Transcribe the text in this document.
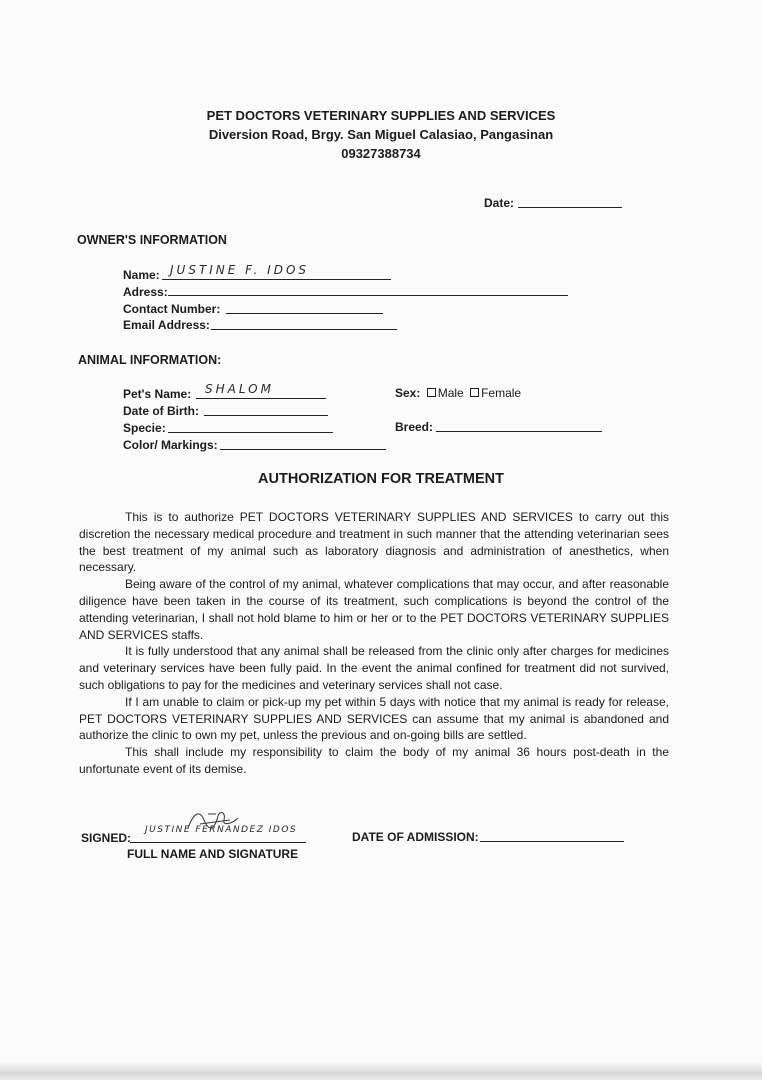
PET DOCTORS VETERINARY SUPPLIES AND SERVICES
Diversion Road, Brgy. San Miguel Calasiao, Pangasinan
09327388734
Date:
OWNER'S INFORMATION
Name: JUSTINE F. IDOS
Adress:
Contact Number:
Email Address:
ANIMAL INFORMATION:
Pet's Name: SHALOM	Sex: Male Female
Date of Birth:
Specie:	Breed:
Color/ Markings:
AUTHORIZATION FOR TREATMENT

This is to authorize PET DOCTORS VETERINARY SUPPLIES AND SERVICES to carry out this discretion the necessary medical procedure and treatment in such manner that the attending veterinarian sees the best treatment of my animal such as laboratory diagnosis and administration of anesthetics, when necessary.

Being aware of the control of my animal, whatever complications that may occur, and after reasonable diligence have been taken in the course of its treatment, such complications is beyond the control of the attending veterinarian, I shall not hold blame to him or her or to the PET DOCTORS VETERINARY SUPPLIES AND SERVICES staffs.

It is fully understood that any animal shall be released from the clinic only after charges for medicines and veterinary services have been fully paid. In the event the animal confined for treatment did not survived, such obligations to pay for the medicines and veterinary services shall not case.

If I am unable to claim or pick-up my pet within 5 days with notice that my animal is ready for release, PET DOCTORS VETERINARY SUPPLIES AND SERVICES can assume that my animal is abandoned and authorize the clinic to own my pet, unless the previous and on-going bills are settled.

This shall include my responsibility to claim the body of my animal 36 hours post-death in the unfortunate event of its demise.

SIGNED:
JUSTINE FERNANDEZ IDOS
FULL NAME AND SIGNATURE
DATE OF ADMISSION:
